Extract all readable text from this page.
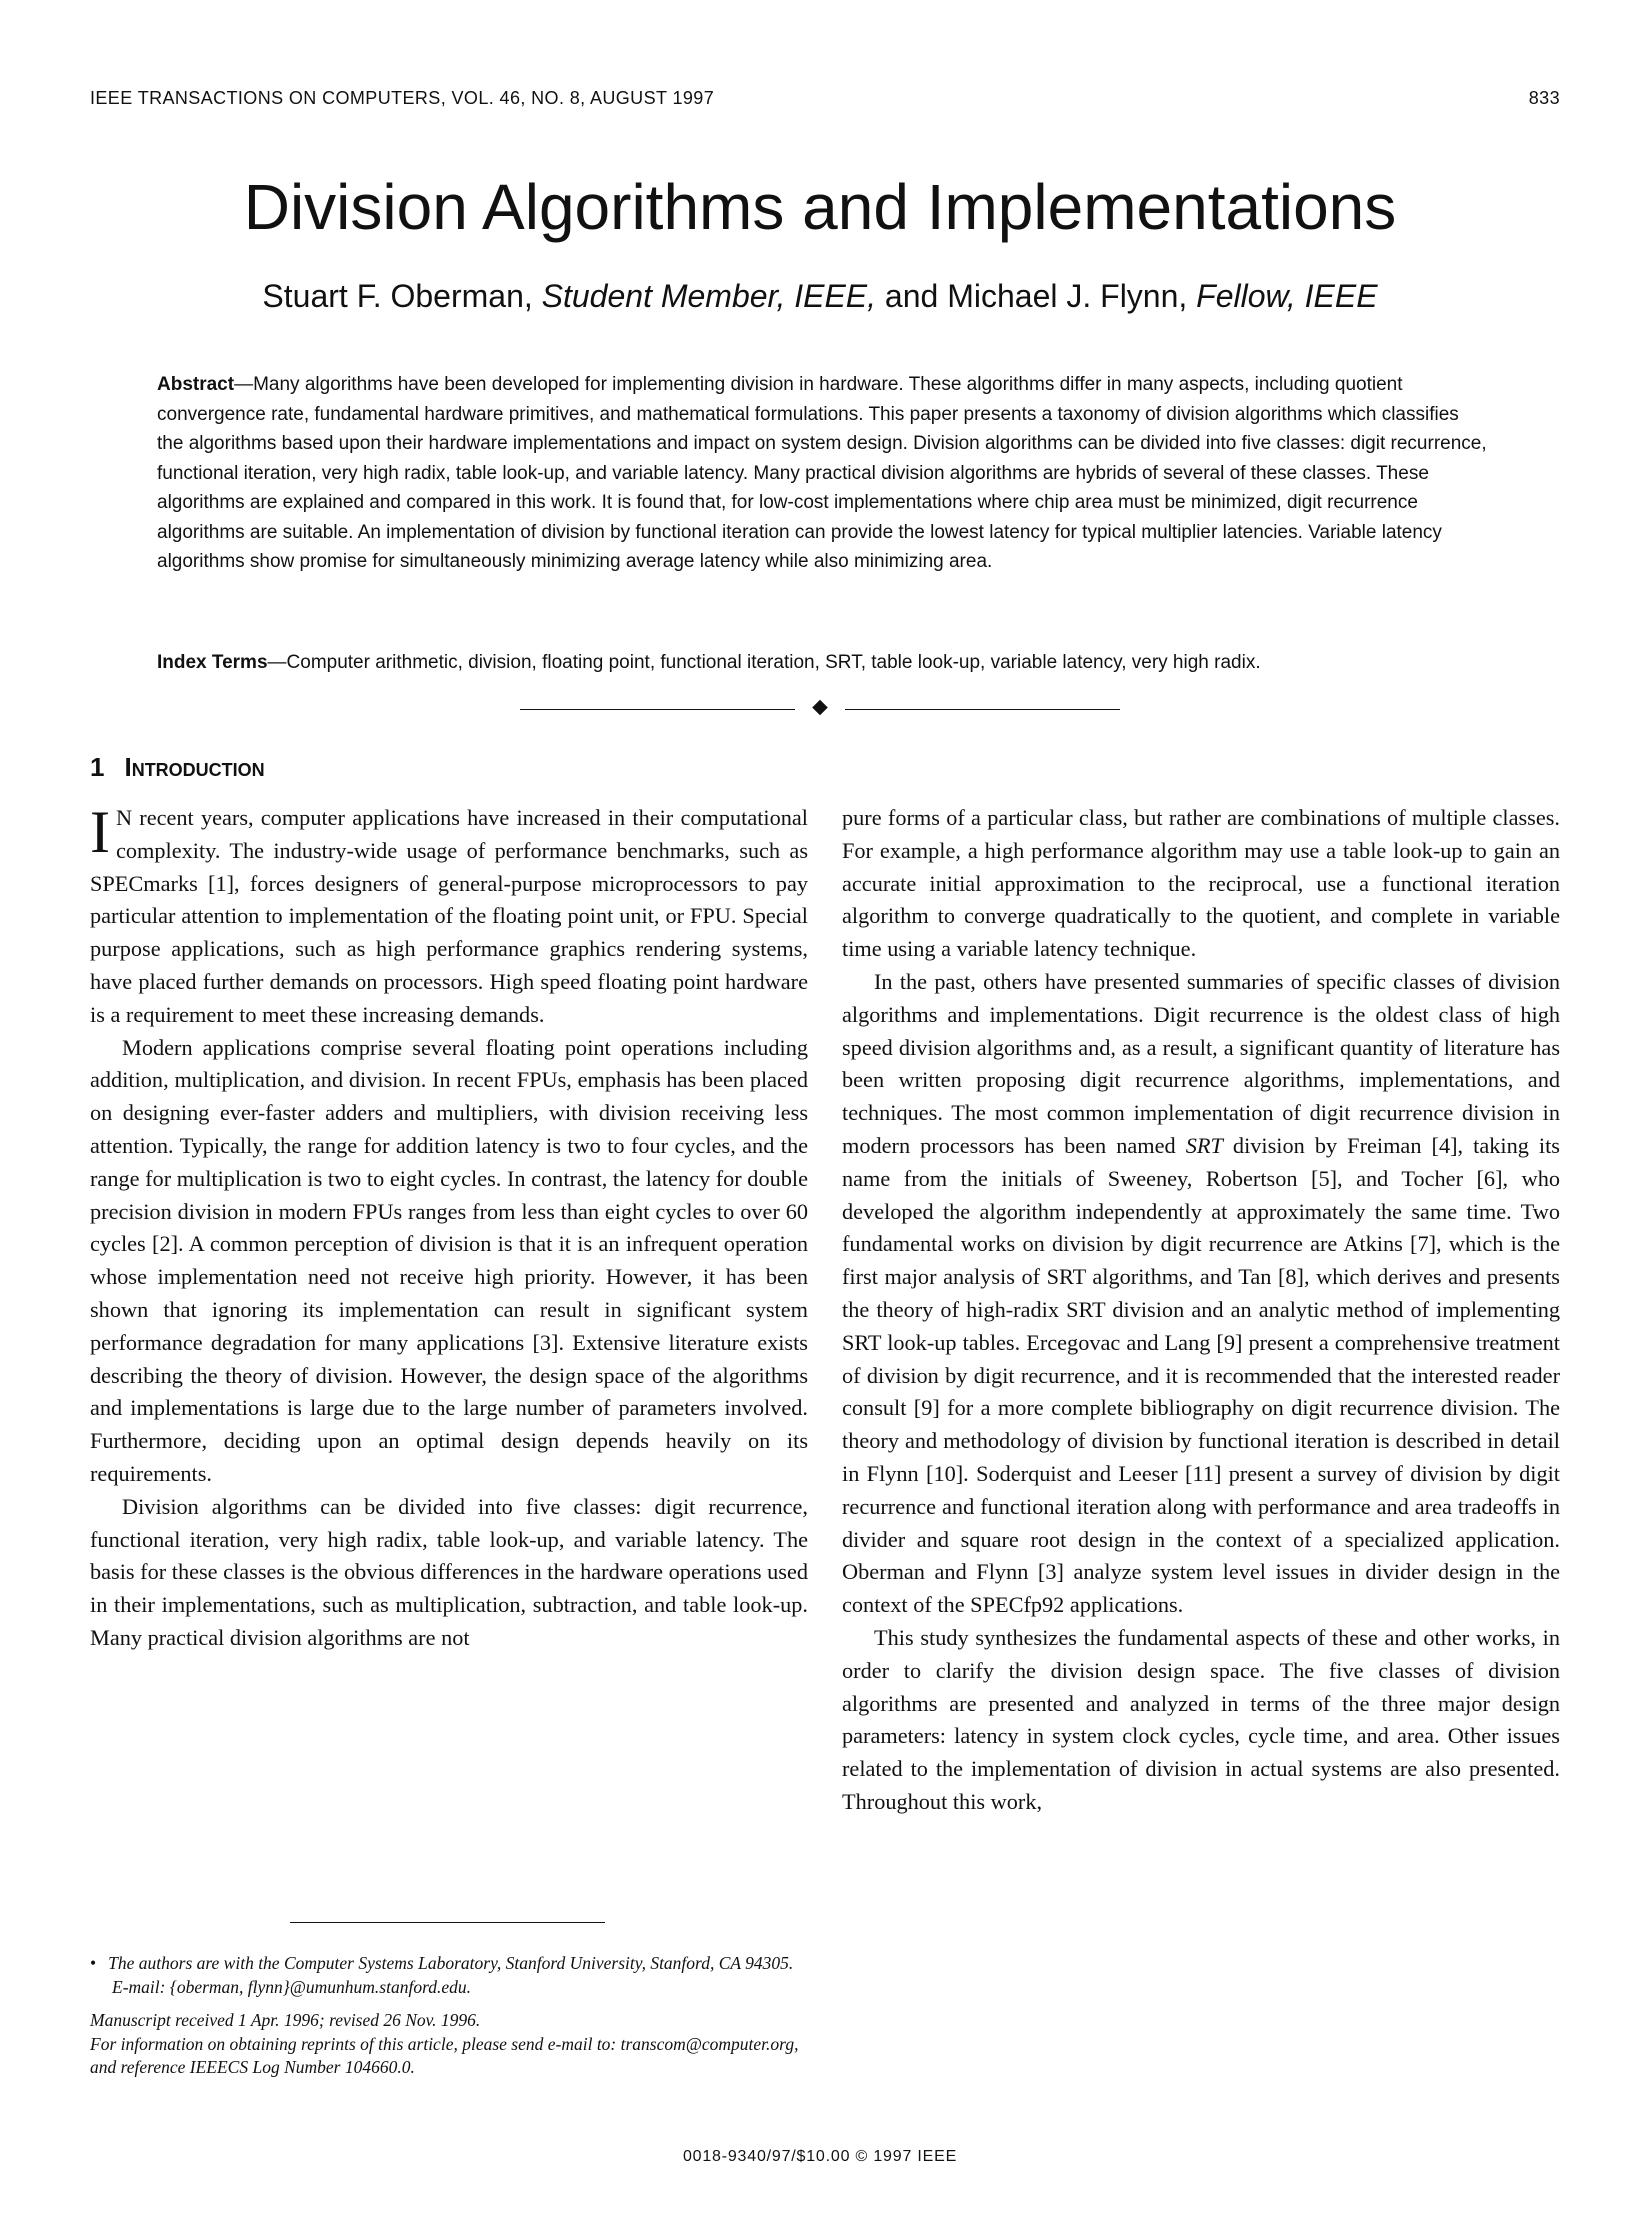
IEEE TRANSACTIONS ON COMPUTERS, VOL. 46, NO. 8, AUGUST 1997	833
Division Algorithms and Implementations
Stuart F. Oberman, Student Member, IEEE, and Michael J. Flynn, Fellow, IEEE

Abstract—Many algorithms have been developed for implementing division in hardware. These algorithms differ in many aspects, including quotient convergence rate, fundamental hardware primitives, and mathematical formulations. This paper presents a taxonomy of division algorithms which classifies the algorithms based upon their hardware implementations and impact on system design. Division algorithms can be divided into five classes: digit recurrence, functional iteration, very high radix, table look-up, and variable latency. Many practical division algorithms are hybrids of several of these classes. These algorithms are explained and compared in this work. It is found that, for low-cost implementations where chip area must be minimized, digit recurrence algorithms are suitable. An implementation of division by functional iteration can provide the lowest latency for typical multiplier latencies. Variable latency algorithms show promise for simultaneously minimizing average latency while also minimizing area.

Index Terms—Computer arithmetic, division, floating point, functional iteration, SRT, table look-up, variable latency, very high radix.
1 Introduction

I N recent years, computer applications have increased in their computational complexity. The industry-wide usage of performance benchmarks, such as SPECmarks [1], forces designers of general-purpose microprocessors to pay particular attention to implementation of the floating point unit, or FPU. Special purpose applications, such as high performance graphics rendering systems, have placed further demands on processors. High speed floating point hardware is a requirement to meet these increasing demands.

Modern applications comprise several floating point operations including addition, multiplication, and division. In recent FPUs, emphasis has been placed on designing ever-faster adders and multipliers, with division receiving less attention. Typically, the range for addition latency is two to four cycles, and the range for multiplication is two to eight cycles. In contrast, the latency for double precision division in modern FPUs ranges from less than eight cycles to over 60 cycles [2]. A common perception of division is that it is an infrequent operation whose implementation need not receive high priority. However, it has been shown that ignoring its implementation can result in significant system performance degradation for many applications [3]. Extensive literature exists describing the theory of division. However, the design space of the algorithms and implementations is large due to the large number of parameters involved. Furthermore, deciding upon an optimal design depends heavily on its requirements.

Division algorithms can be divided into five classes: digit recurrence, functional iteration, very high radix, table look-up, and variable latency. The basis for these classes is the obvious differences in the hardware operations used in their implementations, such as multiplication, subtraction, and table look-up. Many practical division algorithms are not

pure forms of a particular class, but rather are combinations of multiple classes. For example, a high performance algorithm may use a table look-up to gain an accurate initial approximation to the reciprocal, use a functional iteration algorithm to converge quadratically to the quotient, and complete in variable time using a variable latency technique.

In the past, others have presented summaries of specific classes of division algorithms and implementations. Digit recurrence is the oldest class of high speed division algorithms and, as a result, a significant quantity of literature has been written proposing digit recurrence algorithms, implementations, and techniques. The most common implementation of digit recurrence division in modern processors has been named SRT division by Freiman [4], taking its name from the initials of Sweeney, Robertson [5], and Tocher [6], who developed the algorithm independently at approximately the same time. Two fundamental works on division by digit recurrence are Atkins [7], which is the first major analysis of SRT algorithms, and Tan [8], which derives and presents the theory of high-radix SRT division and an analytic method of implementing SRT look-up tables. Ercegovac and Lang [9] present a comprehensive treatment of division by digit recurrence, and it is recommended that the interested reader consult [9] for a more complete bibliography on digit recurrence division. The theory and methodology of division by functional iteration is described in detail in Flynn [10]. Soderquist and Leeser [11] present a survey of division by digit recurrence and functional iteration along with performance and area tradeoffs in divider and square root design in the context of a specialized application. Oberman and Flynn [3] analyze system level issues in divider design in the context of the SPECfp92 applications.

This study synthesizes the fundamental aspects of these and other works, in order to clarify the division design space. The five classes of division algorithms are presented and analyzed in terms of the three major design parameters: latency in system clock cycles, cycle time, and area. Other issues related to the implementation of division in actual systems are also presented. Throughout this work,

• The authors are with the Computer Systems Laboratory, Stanford University, Stanford, CA 94305.

E-mail: {oberman, flynn}@umunhum.stanford.edu.

Manuscript received 1 Apr. 1996; revised 26 Nov. 1996.

For information on obtaining reprints of this article, please send e-mail to: transcom@computer.org, and reference IEEECS Log Number 104660.0.

0018-9340/97/$10.00 © 1997 IEEE
